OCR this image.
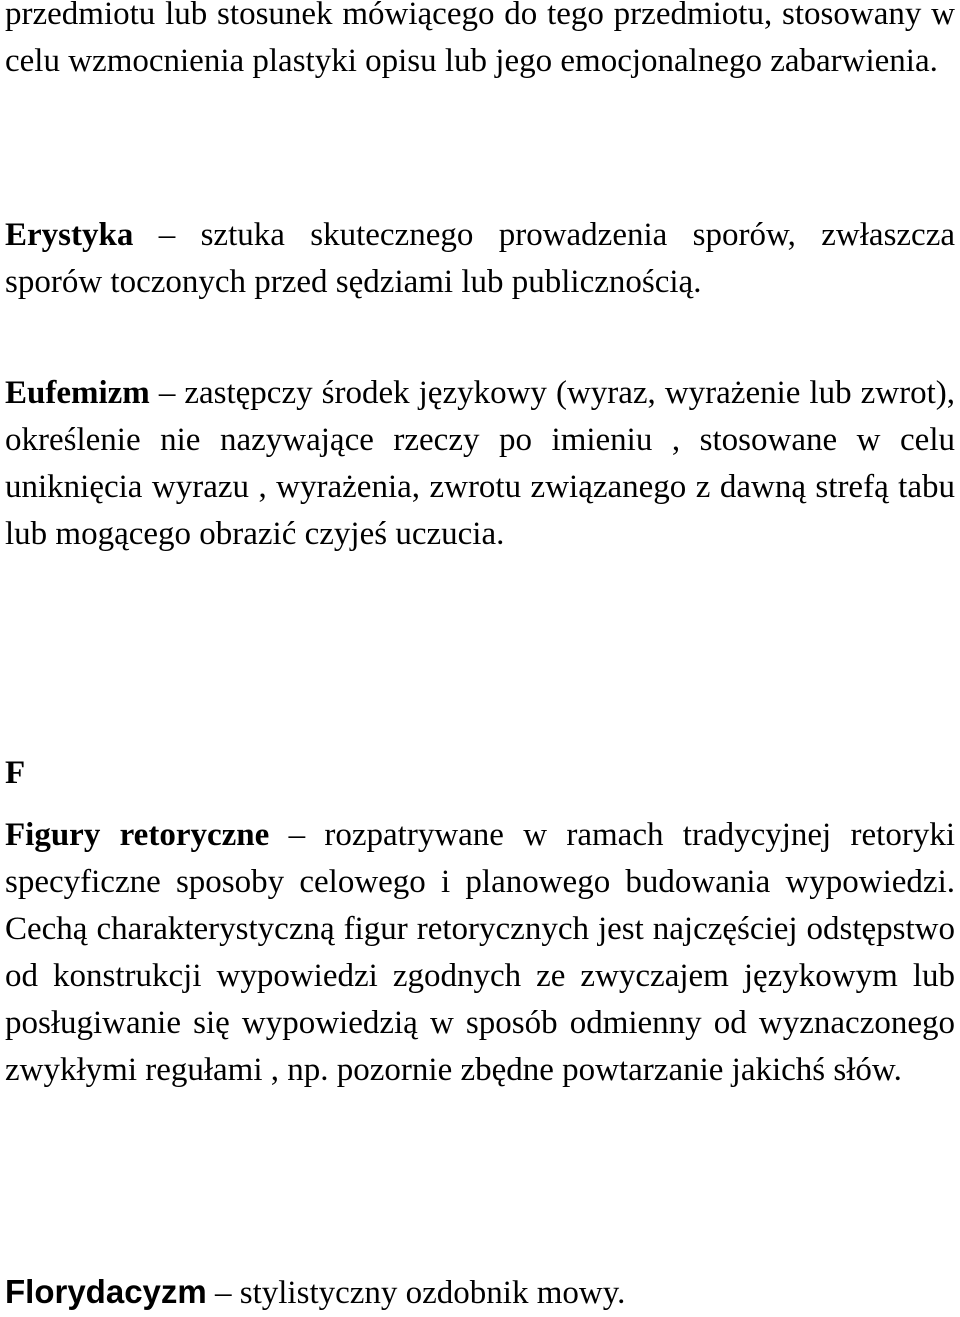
przedmiotu lub stosunek mówiącego do tego przedmiotu, stosowany w celu wzmocnienia plastyki opisu lub jego emocjonalnego zabarwienia.

Erystyka – sztuka skutecznego prowadzenia sporów, zwłaszcza sporów toczonych przed sędziami lub publicznością.

Eufemizm – zastępczy środek językowy (wyraz, wyrażenie lub zwrot), określenie nie nazywające rzeczy po imieniu , stosowane w celu uniknięcia wyrazu , wyrażenia, zwrotu związanego z dawną strefą tabu lub mogącego obrazić czyjeś uczucia.

F

Figury retoryczne – rozpatrywane w ramach tradycyjnej retoryki specyficzne sposoby celowego i planowego budowania wypowiedzi. Cechą charakterystyczną figur retorycznych jest najczęściej odstępstwo od konstrukcji wypowiedzi zgodnych ze zwyczajem językowym lub posługiwanie się wypowiedzią w sposób odmienny od wyznaczonego zwykłymi regułami , np. pozornie zbędne powtarzanie jakichś słów.

Florydacyzm – stylistyczny ozdobnik mowy.
